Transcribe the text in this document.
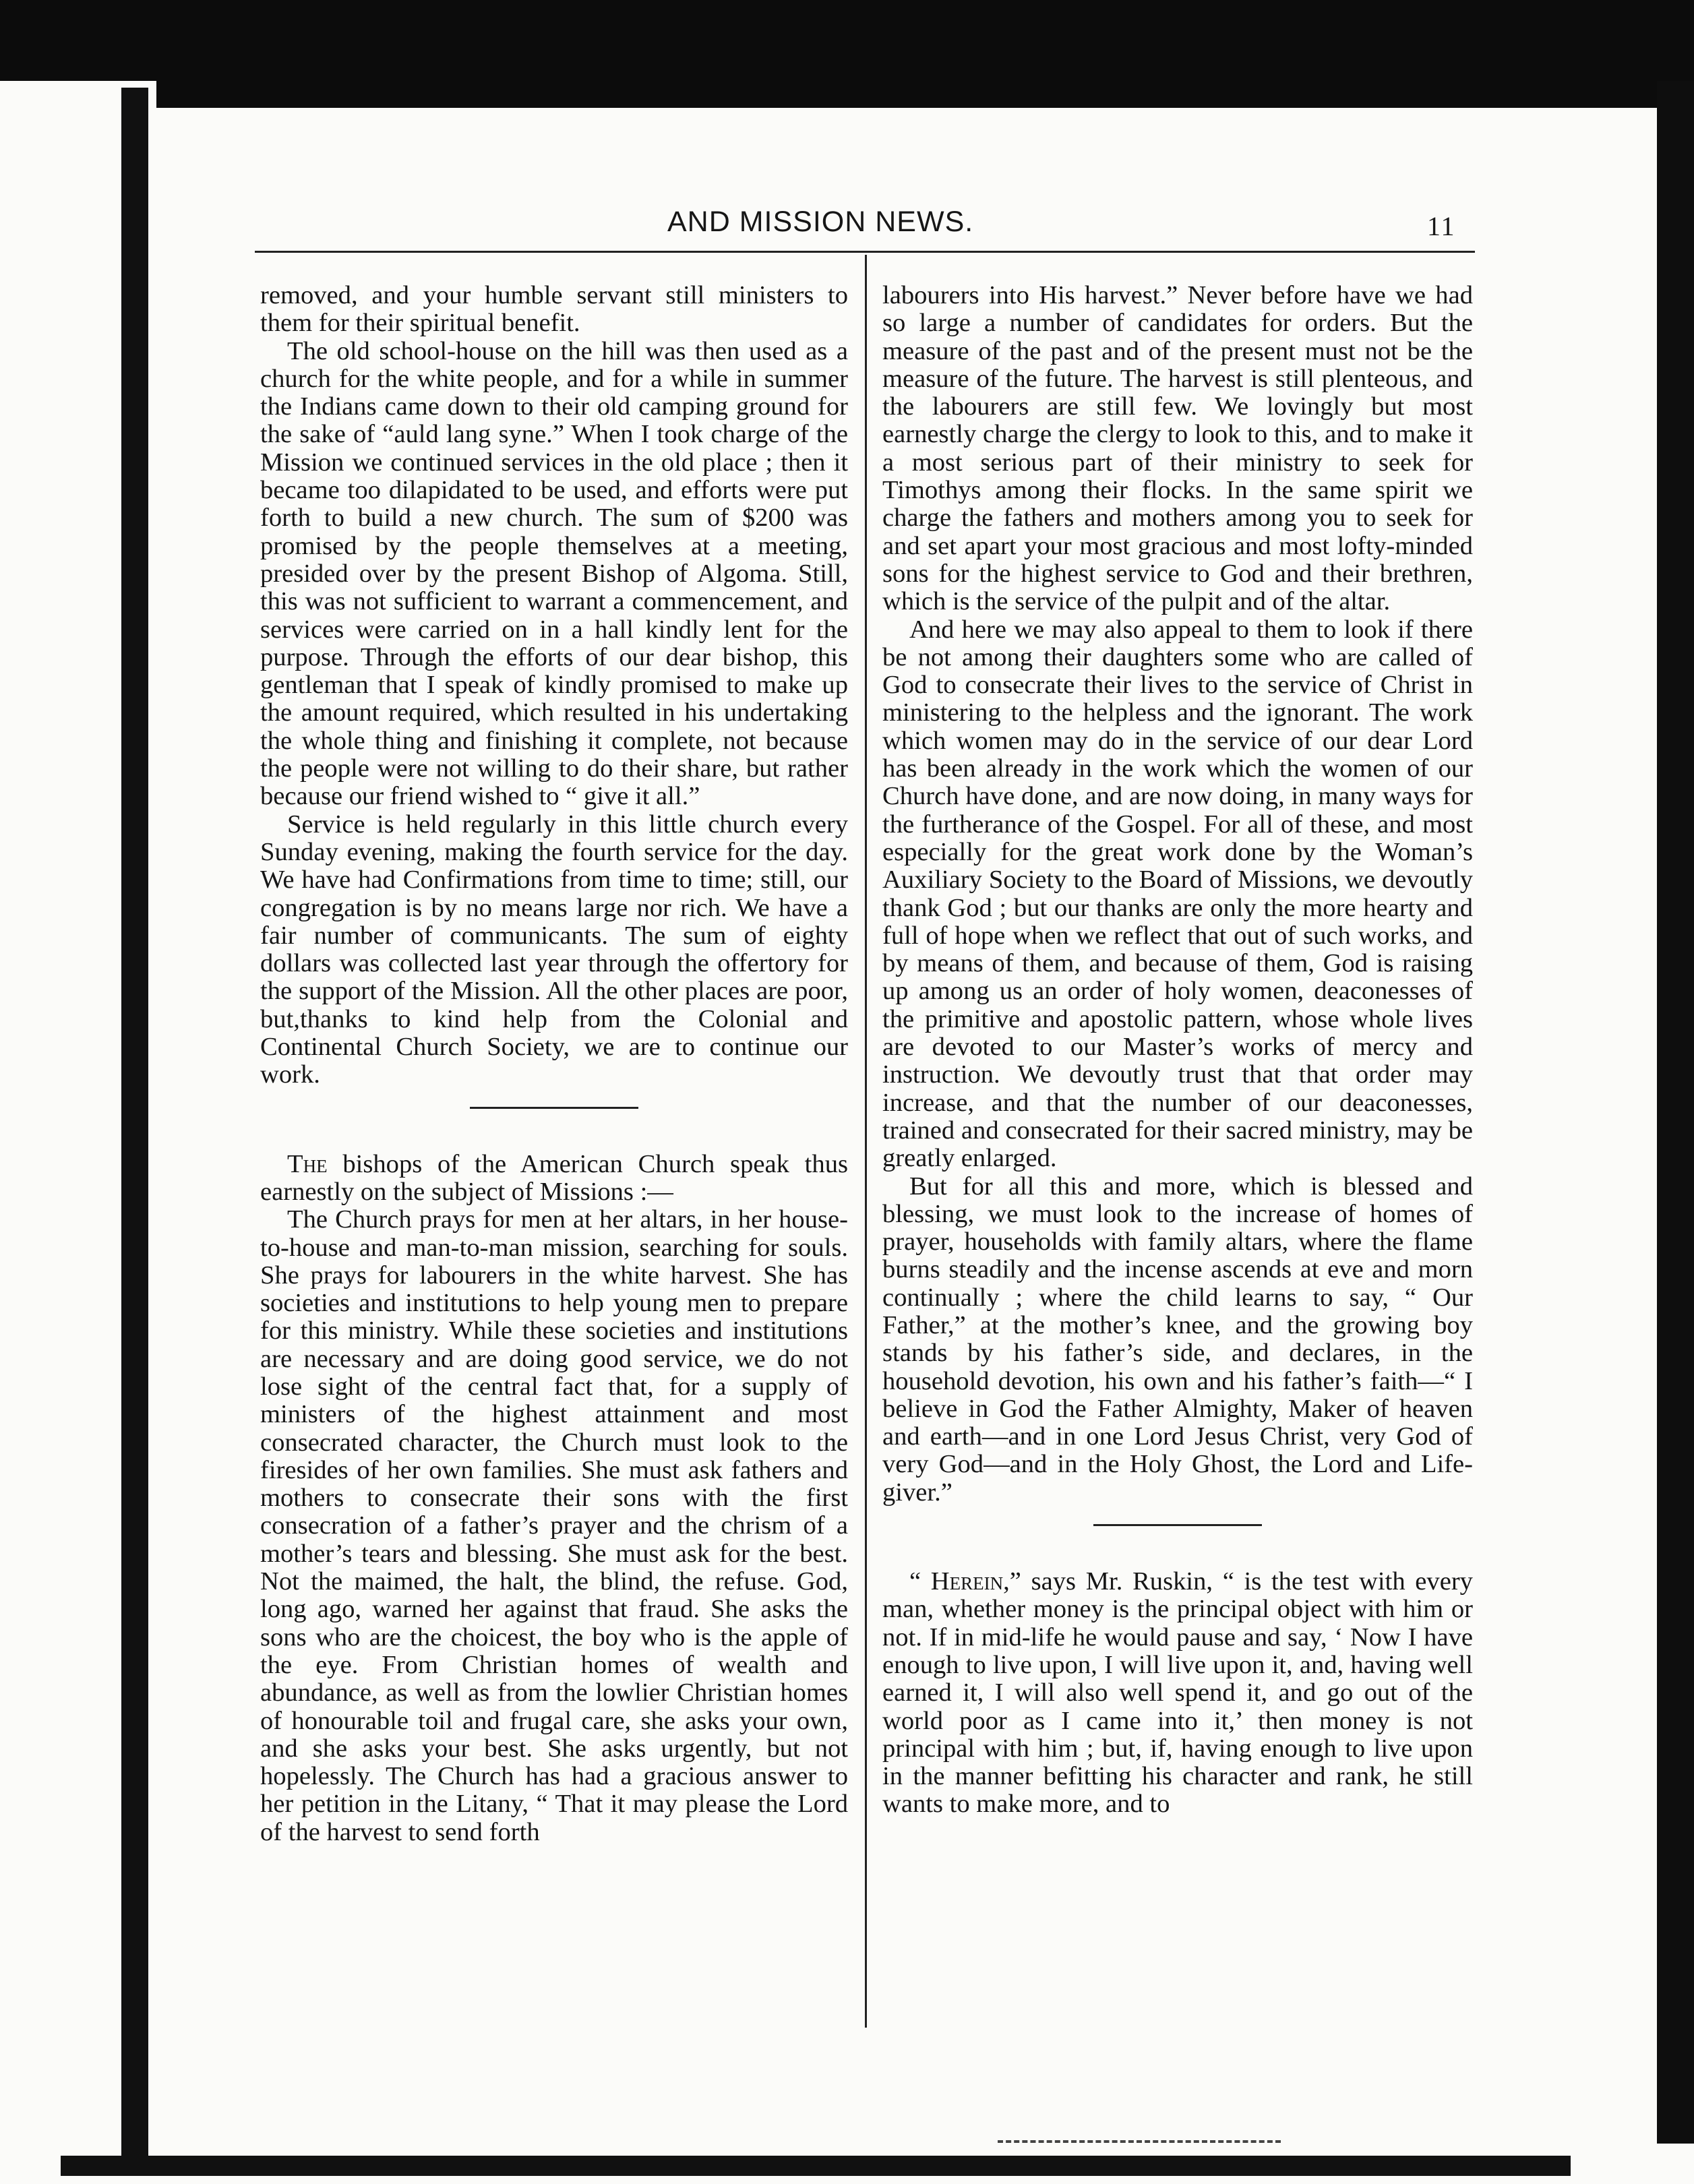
AND MISSION NEWS.	11

removed, and your humble servant still ministers to them for their spiritual benefit.

The old school-house on the hill was then used as a church for the white people, and for a while in summer the Indians came down to their old camping ground for the sake of “auld lang syne.” When I took charge of the Mission we continued services in the old place ; then it became too dilapidated to be used, and efforts were put forth to build a new church. The sum of $200 was promised by the people themselves at a meeting, presided over by the present Bishop of Algoma. Still, this was not sufficient to warrant a commencement, and services were carried on in a hall kindly lent for the purpose. Through the efforts of our dear bishop, this gentleman that I speak of kindly promised to make up the amount required, which resulted in his undertaking the whole thing and finishing it complete, not because the people were not willing to do their share, but rather because our friend wished to “ give it all.”

Service is held regularly in this little church every Sunday evening, making the fourth service for the day. We have had Confirmations from time to time; still, our congregation is by no means large nor rich. We have a fair number of communicants. The sum of eighty dollars was collected last year through the offertory for the support of the Mission. All the other places are poor, but,thanks to kind help from the Colonial and Continental Church Society, we are to continue our work.

The bishops of the American Church speak thus earnestly on the subject of Missions :—

The Church prays for men at her altars, in her house-to-house and man-to-man mission, searching for souls. She prays for labourers in the white harvest. She has societies and institutions to help young men to prepare for this ministry. While these societies and institutions are necessary and are doing good service, we do not lose sight of the central fact that, for a supply of ministers of the highest attainment and most consecrated character, the Church must look to the firesides of her own families. She must ask fathers and mothers to consecrate their sons with the first consecration of a father’s prayer and the chrism of a mother’s tears and blessing. She must ask for the best. Not the maimed, the halt, the blind, the refuse. God, long ago, warned her against that fraud. She asks the sons who are the choicest, the boy who is the apple of the eye. From Christian homes of wealth and abundance, as well as from the lowlier Christian homes of honourable toil and frugal care, she asks your own, and she asks your best. She asks urgently, but not hopelessly. The Church has had a gracious answer to her petition in the Litany, “ That it may please the Lord of the harvest to send forth

labourers into His harvest.” Never before have we had so large a number of candidates for orders. But the measure of the past and of the present must not be the measure of the future. The harvest is still plenteous, and the labourers are still few. We lovingly but most earnestly charge the clergy to look to this, and to make it a most serious part of their ministry to seek for Timothys among their flocks. In the same spirit we charge the fathers and mothers among you to seek for and set apart your most gracious and most lofty-minded sons for the highest service to God and their brethren, which is the service of the pulpit and of the altar.

And here we may also appeal to them to look if there be not among their daughters some who are called of God to consecrate their lives to the service of Christ in ministering to the helpless and the ignorant. The work which women may do in the service of our dear Lord has been already in the work which the women of our Church have done, and are now doing, in many ways for the furtherance of the Gospel. For all of these, and most especially for the great work done by the Woman’s Auxiliary Society to the Board of Missions, we devoutly thank God ; but our thanks are only the more hearty and full of hope when we reflect that out of such works, and by means of them, and because of them, God is raising up among us an order of holy women, deaconesses of the primitive and apostolic pattern, whose whole lives are devoted to our Master’s works of mercy and instruction. We devoutly trust that that order may increase, and that the number of our deaconesses, trained and consecrated for their sacred ministry, may be greatly enlarged.

But for all this and more, which is blessed and blessing, we must look to the increase of homes of prayer, households with family altars, where the flame burns steadily and the incense ascends at eve and morn continually ; where the child learns to say, “ Our Father,” at the mother’s knee, and the growing boy stands by his father’s side, and declares, in the household devotion, his own and his father’s faith—“ I believe in God the Father Almighty, Maker of heaven and earth—and in one Lord Jesus Christ, very God of very God—and in the Holy Ghost, the Lord and Life-giver.”

“ Herein,” says Mr. Ruskin, “ is the test with every man, whether money is the principal object with him or not. If in mid-life he would pause and say, ‘ Now I have enough to live upon, I will live upon it, and, having well earned it, I will also well spend it, and go out of the world poor as I came into it,’ then money is not principal with him ; but, if, having enough to live upon in the manner befitting his character and rank, he still wants to make more, and to
